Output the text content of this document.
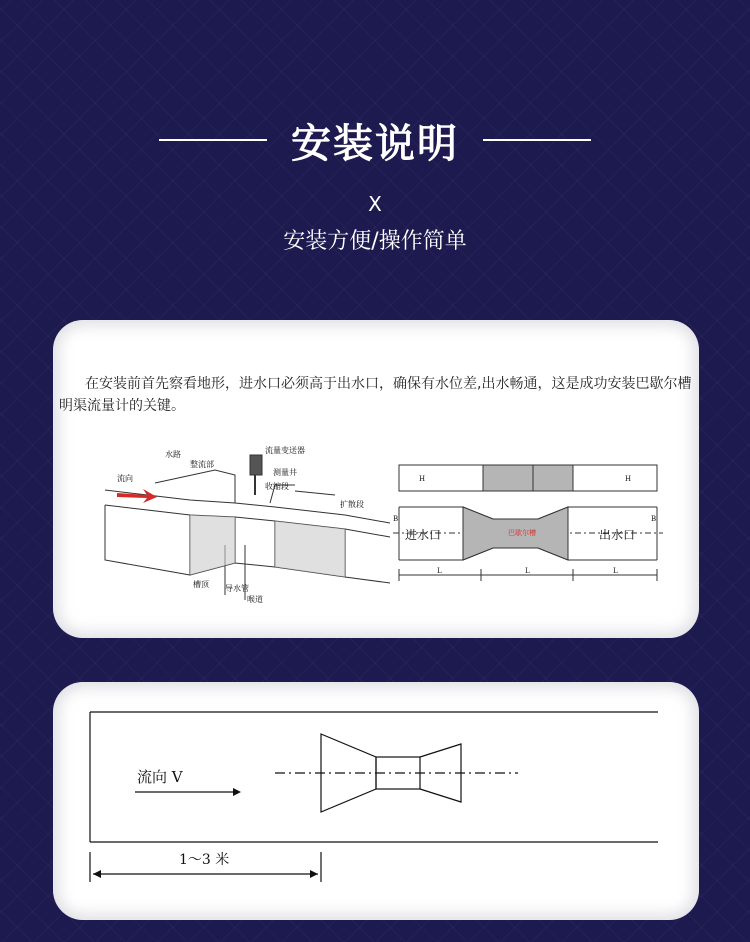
安装说明
X
安装方便/操作简单
在安装前首先察看地形，进水口必须高于出水口，确保有水位差,出水畅通，这是成功安装巴歇尔槽明渠流量计的关键。
水路
整流部
流量变送器
流向
测量井
收缩段
扩散段
槽顶 导水管
喉道
H	H
B	B
L	L	L
进水口	出水口
巴歇尔槽
流向 V
1～3 米
